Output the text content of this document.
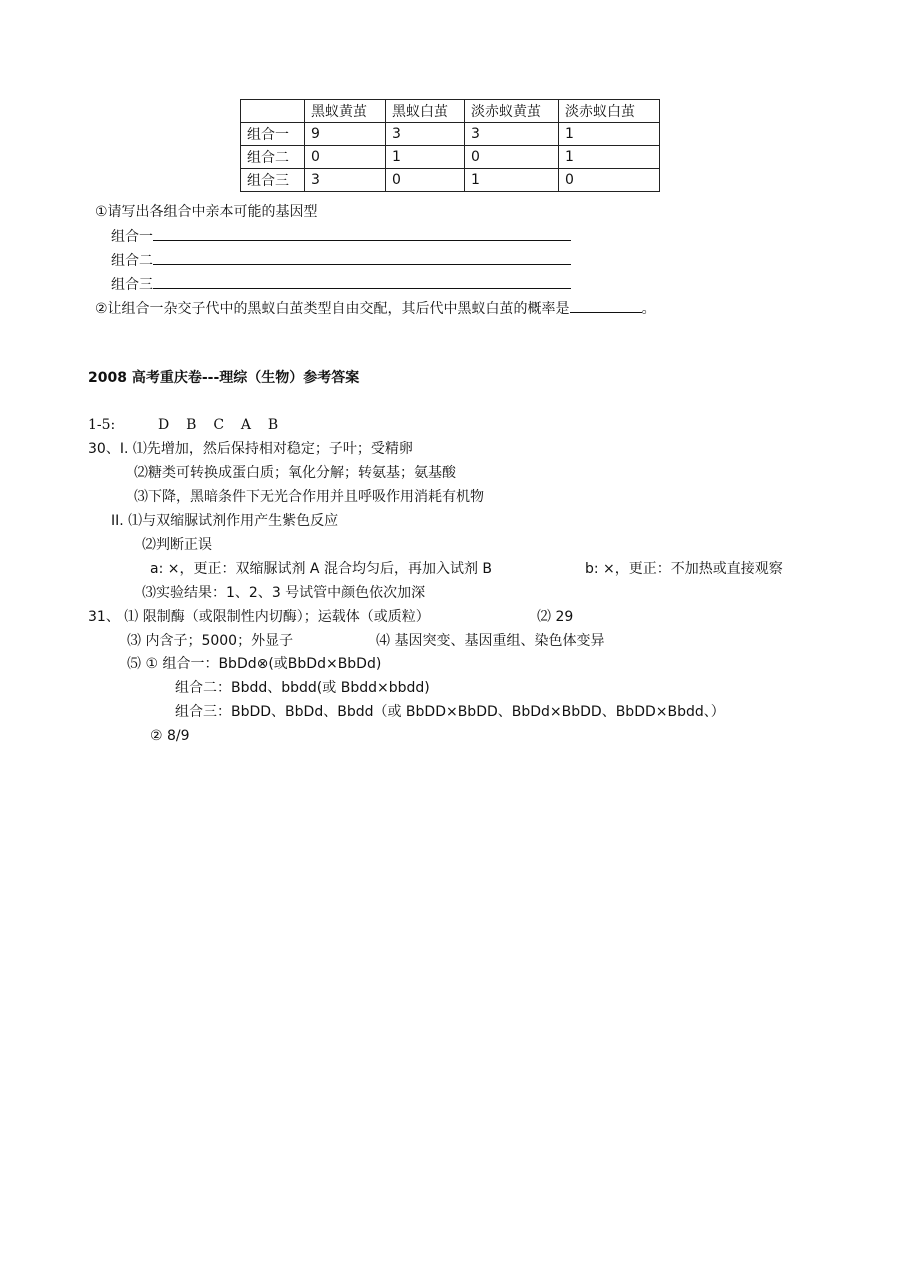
	黑蚁黄茧	黑蚁白茧	淡赤蚁黄茧	淡赤蚁白茧
组合一	9	3	3	1
组合二	0	1	0	1
组合三	3	0	1	0
①请写出各组合中亲本可能的基因型
组合一
组合二
组合三
②让组合一杂交子代中的黑蚁白茧类型自由交配，其后代中黑蚁白茧的概率是	。
2008 高考重庆卷---理综（生物）参考答案
1-5:	D  B  C  A  B
30、I. ⑴先增加，然后保持相对稳定；子叶；受精卵
⑵糖类可转换成蛋白质；氧化分解；转氨基；氨基酸
⑶下降，黑暗条件下无光合作用并且呼吸作用消耗有机物
II. ⑴与双缩脲试剂作用产生紫色反应
⑵判断正误
a: ×，更正：双缩脲试剂 A 混合均匀后，再加入试剂 B	b: ×，更正：不加热或直接观察
⑶实验结果：1、2、3 号试管中颜色依次加深
31、 ⑴ 限制酶（或限制性内切酶）；运载体（或质粒）	⑵ 29
⑶ 内含子；5000；外显子	⑷ 基因突变、基因重组、染色体变异
⑸ ① 组合一：BbDd⊗(或BbDd×BbDd)
组合二：Bbdd、bbdd(或 Bbdd×bbdd)
组合三：BbDD、BbDd、Bbdd（或 BbDD×BbDD、BbDd×BbDD、BbDD×Bbdd、）
② 8/9
